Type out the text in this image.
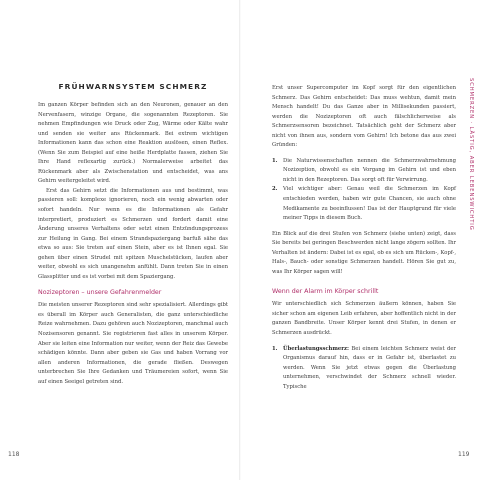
FRÜHWARNSYSTEM SCHMERZ

Im ganzen Körper befinden sich an den Neuronen, genauer an den Nervenfasern, winzige Organe, die sogenannten Rezeptoren. Sie nehmen Empfindungen wie Druck oder Zug, Wärme oder Kälte wahr und senden sie weiter ans Rückenmark. Bei extrem wichtigen Informationen kann das schon eine Reaktion auslösen, einen Reflex. (Wenn Sie zum Beispiel auf eine heiße Herdplatte fassen, ziehen Sie Ihre Hand reflexartig zurück.) Normalerweise arbeitet das Rückenmark aber als Zwischenstation und entscheidet, was ans Gehirn weitergeleitet wird.

Erst das Gehirn setzt die Informationen aus und bestimmt, was passieren soll: komplexe ignorieren, noch ein wenig abwarten oder sofort handeln. Nur wenn es die Informationen als Gefahr interpretiert, produziert es Schmerzen und fordert damit eine Änderung unseres Verhaltens oder setzt einen Entzündungsprozess zur Heilung in Gang. Bei einem Strandspaziergang barfuß sähe das etwa so aus: Sie treten auf einen Stein, aber es ist Ihnen egal. Sie gehen über einen Strudel mit spitzen Muschelstücken, laufen aber weiter, obwohl es sich unangenehm anfühlt. Dann treten Sie in einen Glassplitter und es ist vorbei mit dem Spaziergang.

Nozizeptoren – unsere Gefahrenmelder

Die meisten unserer Rezeptoren sind sehr spezialisiert. Allerdings gibt es überall im Körper auch Generalisten, die ganz unterschiedliche Reize wahrnehmen. Dazu gehören auch Nozizeptoren, manchmal auch Nozisensoren genannt. Sie registrieren fast alles in unserem Körper. Aber sie leiten eine Information nur weiter, wenn der Reiz das Gewebe schädigen könnte. Dann aber geben sie Gas und haben Vorrang vor allen anderen Informationen, die gerade fließen. Deswegen unterbrechen Sie Ihre Gedanken und Träumereien sofort, wenn Sie auf einen Seeigel getreten sind.

118

Erst unser Supercomputer im Kopf sorgt für den eigentlichen Schmerz. Das Gehirn entscheidet: Das muss wehtun, damit mein Mensch handelt! Du das Ganze aber in Millisekunden passiert, werden die Nozizeptoren oft auch fälschlicherweise als Schmerzsensoren bezeichnet. Tatsächlich geht der Schmerz aber nicht von ihnen aus, sondern vom Gehirn! Ich betone das aus zwei Gründen:

1. Die Naturwissenschaften nennen die Schmerzwahrnehmung Nozizeption, obwohl es ein Vorgang im Gehirn ist und eben nicht in den Rezeptoren. Das sorgt oft für Verwirrung.
2. Viel wichtiger aber: Genau weil die Schmerzen im Kopf entschieden werden, haben wir gute Chancen, sie auch ohne Medikamente zu beeinflussen! Das ist der Hauptgrund für viele meiner Tipps in diesem Buch.

Ein Blick auf die drei Stufen von Schmerz (siehe unten) zeigt, dass Sie bereits bei geringen Beschwerden nicht lange zögern sollten. Ihr Verhalten ist ändern: Dabei ist es egal, ob es sich um Rücken-, Kopf-, Hals-, Bauch- oder sonstige Schmerzen handelt. Hören Sie gut zu, was Ihr Körper sagen will!

Wenn der Alarm im Körper schrillt

Wir unterschiedlich sich Schmerzen äußern können, haben Sie sicher schon am eigenen Leib erfahren, aber hoffentlich nicht in der ganzen Bandbreite. Unser Körper kennt drei Stufen, in denen er Schmerzen ausdrückt.

1. Überlastungsschmerz: Bei einem leichten Schmerz weist der Organismus darauf hin, dass er in Gefahr ist, überlastet zu werden. Wenn Sie jetzt etwas gegen die Überlastung unternehmen, verschwindet der Schmerz schnell wieder. Typische
SCHMERZEN · LÄSTIG, ABER LEBENSWICHTIG
119
